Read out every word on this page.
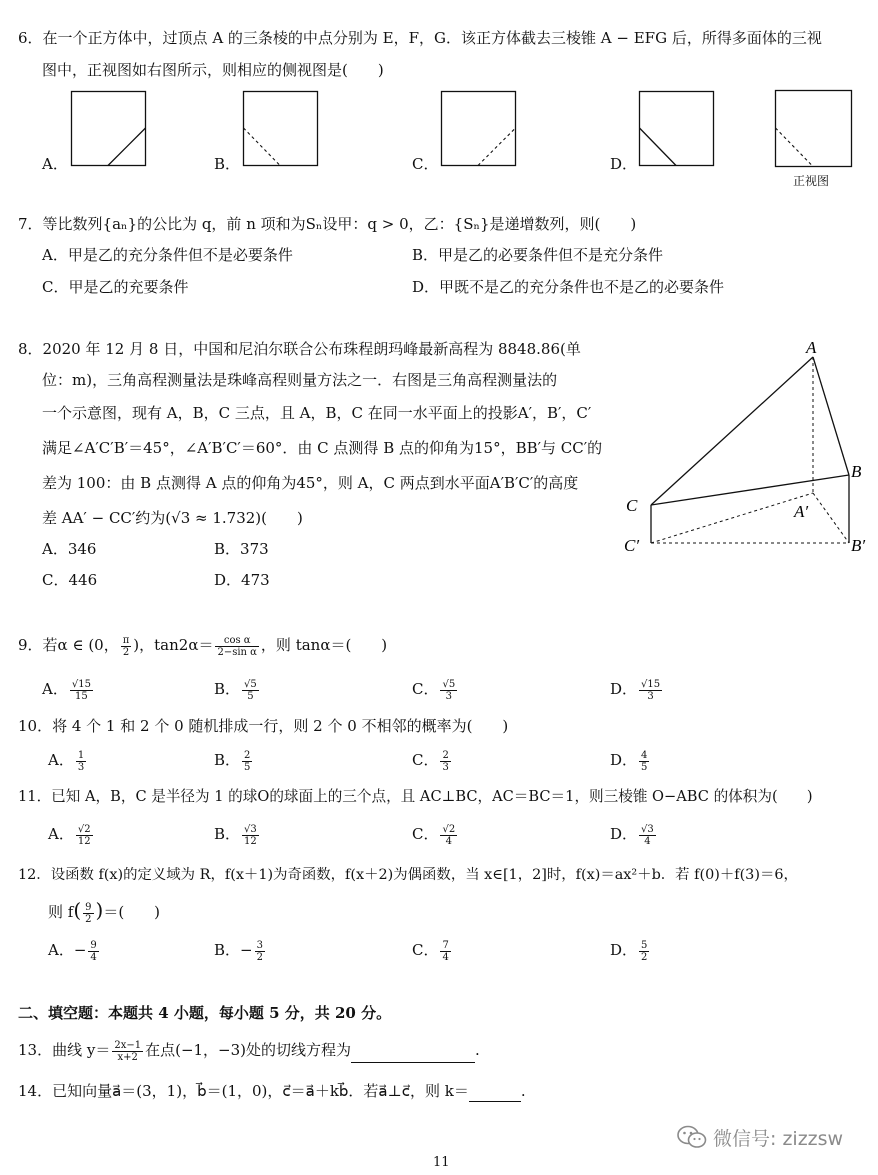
6．在一个正方体中，过顶点 A 的三条棱的中点分别为 E，F，G．该正方体截去三棱锥 A − EFG 后，所得多面体的三视
图中，正视图如右图所示，则相应的侧视图是(　　)
A．	B．	C．	D．
正视图
7．等比数列{aₙ}的公比为 q，前 n 项和为Sₙ设甲：q > 0，乙：{Sₙ}是递增数列，则(　　)
A．甲是乙的充分条件但不是必要条件	B．甲是乙的必要条件但不是充分条件
C．甲是乙的充要条件	D．甲既不是乙的充分条件也不是乙的必要条件
8．2020 年 12 月 8 日，中国和尼泊尔联合公布珠程朗玛峰最新高程为 8848.86(单
位：m)，三角高程测量法是珠峰高程则量方法之一．右图是三角高程测量法的
一个示意图，现有 A，B，C 三点，且 A，B，C 在同一水平面上的投影A′，B′，C′
满足∠A′C′B′＝45°，∠A′B′C′＝60°．由 C 点测得 B 点的仰角为15°，BB′与 CC′的
差为 100：由 B 点测得 A 点的仰角为45°，则 A，C 两点到水平面A′B′C′的高度
差 AA′ − CC′约为(√3 ≈ 1.732)(　　)
A．346	B．373
C．446	D．473
A
B
C	A′
B′
C′
9．若α ∈ (0， $\frac{\pi}{2}$ )，$\tan 2\alpha= \frac{\text{cos α}}{\text{2−sin α}}$ ，则 tanα＝(　　)
A． $\frac{√15}{15}$	B． $\frac{√5}{5}$	C． $\frac{√5}{3}$	D． $\frac{√15}{3}$
10．将 4 个 1 和 2 个 0 随机排成一行，则 2 个 0 不相邻的概率为(　　)
A． $\frac{1}{3}$	B． $\frac{2}{5}$	C． $\frac{2}{3}$	D． $\frac{4}{5}$
11．已知 A，B，C 是半径为 1 的球O的球面上的三个点，且 AC⊥BC，AC＝BC＝1，则三棱锥 O−ABC 的体积为(　　)
A． $\frac{√2}{12}$	B． $\frac{√3}{12}$	C． $\frac{√2}{4}$	D． $\frac{√3}{4}$
12．设函数 f(x)的定义域为 R，f(x＋1)为奇函数，f(x＋2)为偶函数，当 x∈[1，2]时，f(x)＝ax²＋b．若 f(0)＋f(3)＝6，
则 $f( \frac{9}{2}$ )＝(　　)
A．− $\frac{9}{4}$	B．− $\frac{3}{2}$	C． $\frac{7}{4}$	D． $\frac{5}{2}$
二、填空题：本题共 4 小题，每小题 5 分，共 20 分。
13．曲线 $y= \frac{2x-1}{x+2}$ 在点(−1，−3)处的切线方程为	.
14．已知向量a⃗＝(3，1)，b⃗＝(1，0)，c⃗＝a⃗＋kb⃗．若a⃗⊥c⃗，则 k＝	.
微信号: zizzsw
11
